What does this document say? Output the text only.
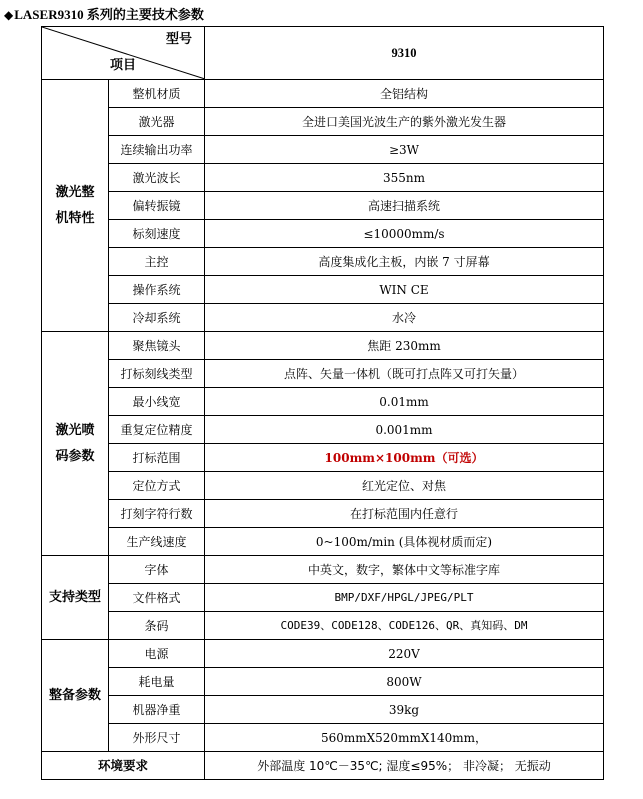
◆LASER9310 系列的主要技术参数
型号
项目		9310
激光整机特性	整机材质	全铝结构
	激光器	全进口美国光波生产的紫外激光发生器
	连续输出功率	≥3W
	激光波长	355nm
	偏转振镜	高速扫描系统
	标刻速度	≤10000mm/s
	主控	高度集成化主板，内嵌 7 寸屏幕
	操作系统	WIN CE
	冷却系统	水冷
激光喷码参数	聚焦镜头	焦距 230mm
	打标刻线类型	点阵、矢量一体机（既可打点阵又可打矢量）
	最小线宽	0.01mm
	重复定位精度	0.001mm
	打标范围	100mm×100mm（可选）
	定位方式	红光定位、对焦
	打刻字符行数	在打标范围内任意行
	生产线速度	0~100m/min (具体视材质而定)
支持类型	字体	中英文，数字，繁体中文等标准字库
	文件格式	BMP/DXF/HPGL/JPEG/PLT
	条码	CODE39、CODE128、CODE126、QR、真知码、DM
整备参数	电源	220V
	耗电量	800W
	机器净重	39kg
	外形尺寸	560mmX520mmX140mm，
环境要求		外部温度 10℃－35℃; 湿度≤95%； 非冷凝； 无振动
